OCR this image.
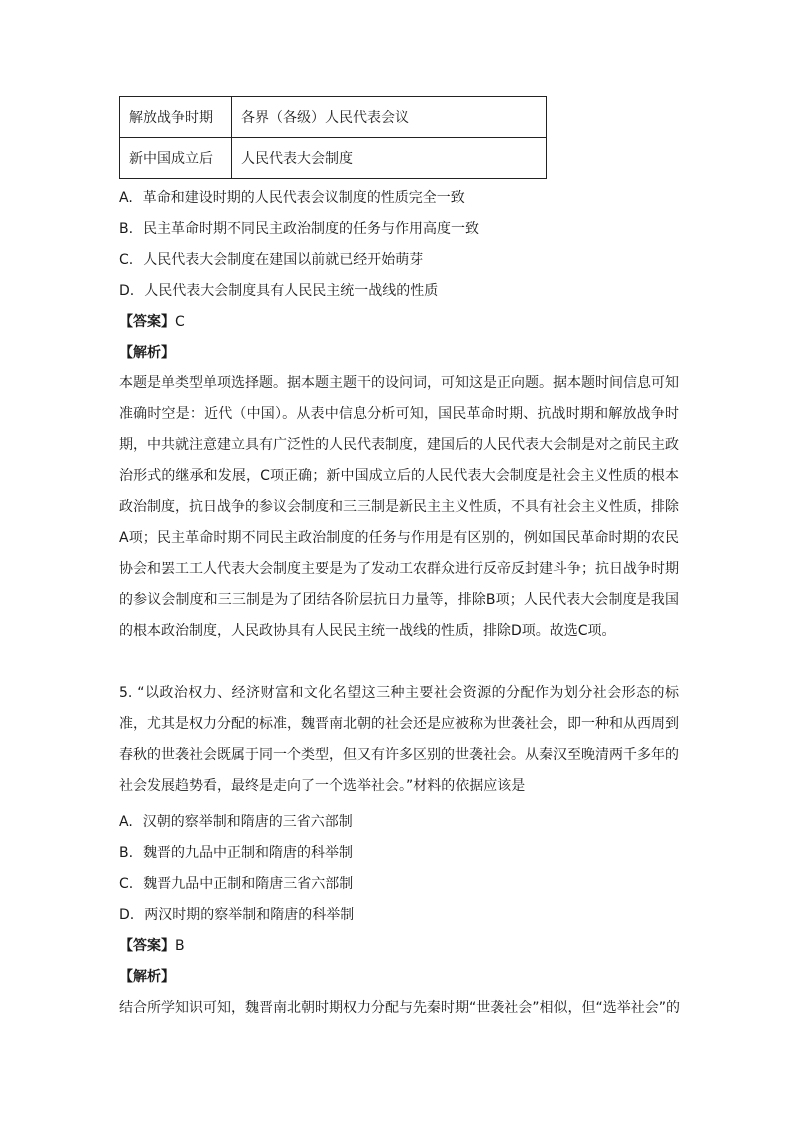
解放战争时期	各界（各级）人民代表会议
新中国成立后	人民代表大会制度
A. 革命和建设时期的人民代表会议制度的性质完全一致
B. 民主革命时期不同民主政治制度的任务与作用高度一致
C. 人民代表大会制度在建国以前就已经开始萌芽
D. 人民代表大会制度具有人民民主统一战线的性质
【答案】C
【解析】
本题是单类型单项选择题。据本题主题干的设问词，可知这是正向题。据本题时间信息可知准确时空是：近代（中国）。从表中信息分析可知，国民革命时期、抗战时期和解放战争时期，中共就注意建立具有广泛性的人民代表制度，建国后的人民代表大会制是对之前民主政治形式的继承和发展，C项正确；新中国成立后的人民代表大会制度是社会主义性质的根本政治制度，抗日战争的参议会制度和三三制是新民主主义性质，不具有社会主义性质，排除A项；民主革命时期不同民主政治制度的任务与作用是有区别的，例如国民革命时期的农民协会和罢工工人代表大会制度主要是为了发动工农群众进行反帝反封建斗争；抗日战争时期的参议会制度和三三制是为了团结各阶层抗日力量等，排除B项；人民代表大会制度是我国的根本政治制度，人民政协具有人民民主统一战线的性质，排除D项。故选C项。
5. “以政治权力、经济财富和文化名望这三种主要社会资源的分配作为划分社会形态的标准，尤其是权力分配的标准，魏晋南北朝的社会还是应被称为世袭社会，即一种和从西周到春秋的世袭社会既属于同一个类型，但又有许多区别的世袭社会。从秦汉至晚清两千多年的社会发展趋势看，最终是走向了一个选举社会。”材料的依据应该是
A. 汉朝的察举制和隋唐的三省六部制
B. 魏晋的九品中正制和隋唐的科举制
C. 魏晋九品中正制和隋唐三省六部制
D. 两汉时期的察举制和隋唐的科举制
【答案】B
【解析】
结合所学知识可知，魏晋南北朝时期权力分配与先秦时期“世袭社会”相似，但“选举社会”的
